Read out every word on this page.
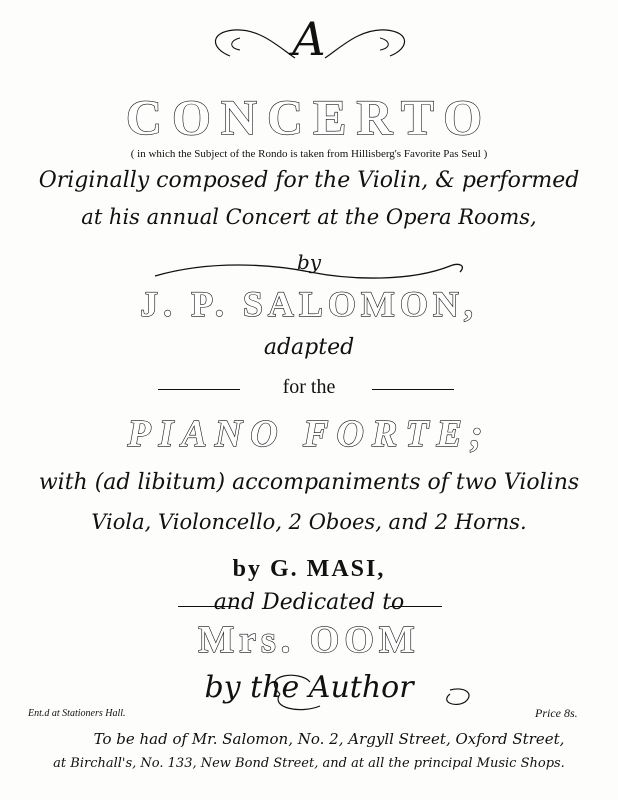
A
CONCERTO
( in which the Subject of the Rondo is taken from Hillisberg's Favorite Pas Seul )
Originally composed for the Violin, & performed
at his annual Concert at the Opera Rooms,
by
J. P. SALOMON,
adapted
for the
PIANO FORTE;
with (ad libitum) accompaniments of two Violins
Viola, Violoncello, 2 Oboes, and 2 Horns.
by G. MASI,
and Dedicated to
Mrs. OOM
by the Author
Ent.d at Stationers Hall.	Price 8s.
To be had of Mr. Salomon, No. 2, Argyll Street, Oxford Street,
at Birchall's, No. 133, New Bond Street, and at all the principal Music Shops.
